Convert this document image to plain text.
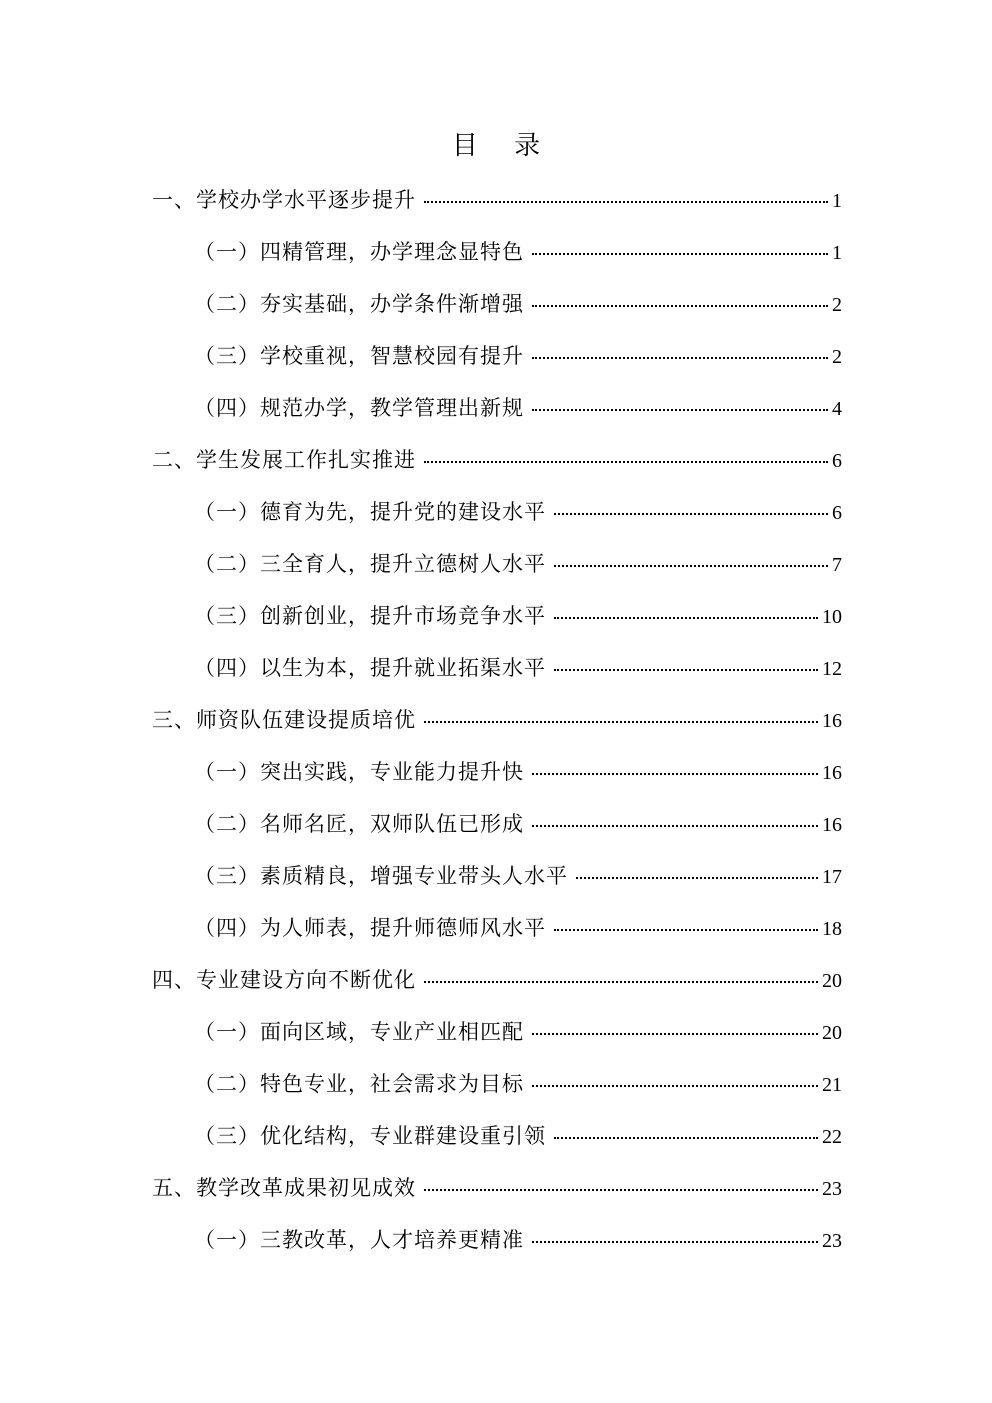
目 录
一、学校办学水平逐步提升	1
（一）四精管理，办学理念显特色	1
（二）夯实基础，办学条件渐增强	2
（三）学校重视，智慧校园有提升	2
（四）规范办学，教学管理出新规	4
二、学生发展工作扎实推进	6
（一）德育为先，提升党的建设水平	6
（二）三全育人，提升立德树人水平	7
（三）创新创业，提升市场竞争水平	10
（四）以生为本，提升就业拓渠水平	12
三、师资队伍建设提质培优	16
（一）突出实践，专业能力提升快	16
（二）名师名匠，双师队伍已形成	16
（三）素质精良，增强专业带头人水平	17
（四）为人师表，提升师德师风水平	18
四、专业建设方向不断优化	20
（一）面向区域，专业产业相匹配	20
（二）特色专业，社会需求为目标	21
（三）优化结构，专业群建设重引领	22
五、教学改革成果初见成效	23
（一）三教改革，人才培养更精准	23
